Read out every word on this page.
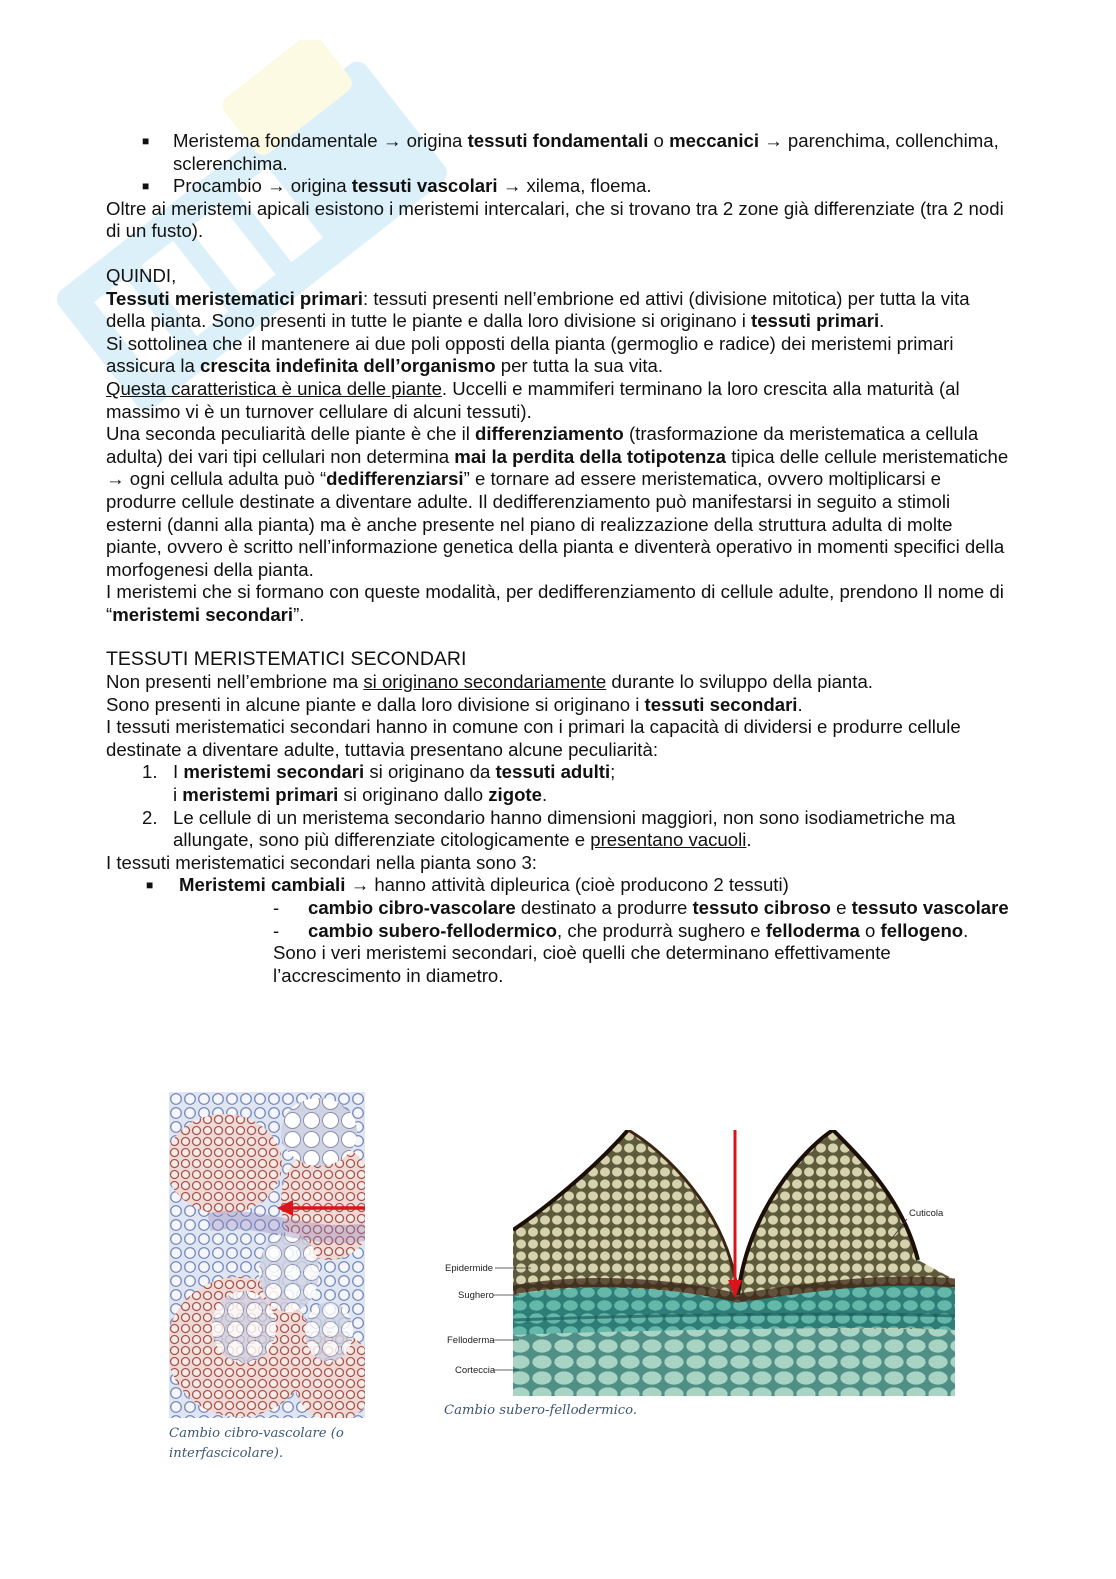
■ Meristema fondamentale → origina tessuti fondamentali o meccanici → parenchima, collenchima, sclerenchima.
■ Procambio → origina tessuti vascolari → xilema, floema.

Oltre ai meristemi apicali esistono i meristemi intercalari, che si trovano tra 2 zone già differenziate (tra 2 nodi di un fusto).

QUINDI,

Tessuti meristematici primari: tessuti presenti nell’embrione ed attivi (divisione mitotica) per tutta la vita della pianta. Sono presenti in tutte le piante e dalla loro divisione si originano i tessuti primari.

Si sottolinea che il mantenere ai due poli opposti della pianta (germoglio e radice) dei meristemi primari assicura la crescita indefinita dell’organismo per tutta la sua vita.

Questa caratteristica è unica delle piante. Uccelli e mammiferi terminano la loro crescita alla maturità (al massimo vi è un turnover cellulare di alcuni tessuti).

Una seconda peculiarità delle piante è che il differenziamento (trasformazione da meristematica a cellula adulta) dei vari tipi cellulari non determina mai la perdita della totipotenza tipica delle cellule meristematiche → ogni cellula adulta può “dedifferenziarsi” e tornare ad essere meristematica, ovvero moltiplicarsi e produrre cellule destinate a diventare adulte. Il dedifferenziamento può manifestarsi in seguito a stimoli esterni (danni alla pianta) ma è anche presente nel piano di realizzazione della struttura adulta di molte piante, ovvero è scritto nell’informazione genetica della pianta e diventerà operativo in momenti specifici della morfogenesi della pianta.

I meristemi che si formano con queste modalità, per dedifferenziamento di cellule adulte, prendono Il nome di “meristemi secondari”.

TESSUTI MERISTEMATICI SECONDARI

Non presenti nell’embrione ma si originano secondariamente durante lo sviluppo della pianta.

Sono presenti in alcune piante e dalla loro divisione si originano i tessuti secondari.

I tessuti meristematici secondari hanno in comune con i primari la capacità di dividersi e produrre cellule destinate a diventare adulte, tuttavia presentano alcune peculiarità:

1. I meristemi secondari si originano da tessuti adulti;
i meristemi primari si originano dallo zigote.
2. Le cellule di un meristema secondario hanno dimensioni maggiori, non sono isodiametriche ma allungate, sono più differenziate citologicamente e presentano vacuoli.

I tessuti meristematici secondari nella pianta sono 3:

■ Meristemi cambiali → hanno attività dipleurica (cioè producono 2 tessuti)
- cambio cibro-vascolare destinato a produrre tessuto cibroso e tessuto vascolare
- cambio subero-fellodermico, che produrrà sughero e felloderma o fellogeno.

Sono i veri meristemi secondari, cioè quelli che determinano effettivamente l’accrescimento in diametro.

Cambio cibro-vascolare (o
interfascicolare).
Cuticola
Epidermide
Sughero
Felloderma
Corteccia
Cambio subero-fellodermico.
